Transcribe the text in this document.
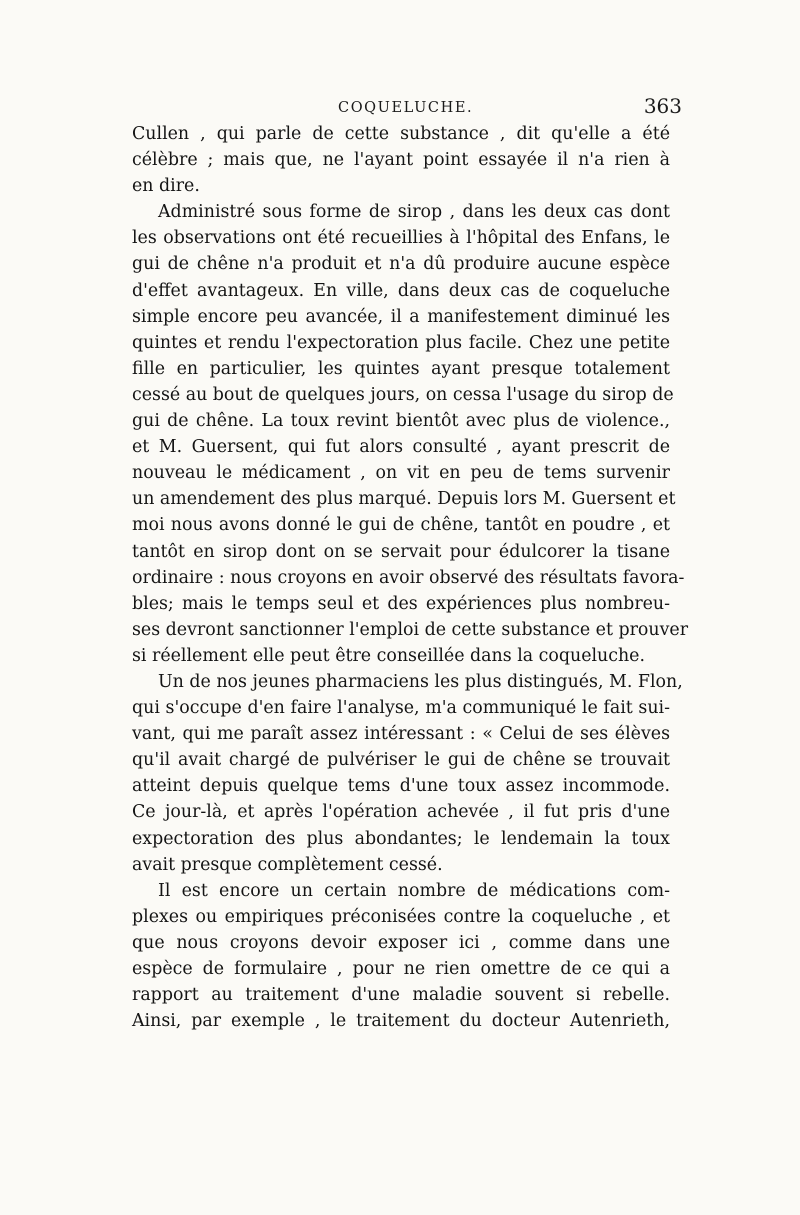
COQUELUCHE.	363
Cullen , qui parle de cette substance , dit qu'elle a été
célèbre ; mais que, ne l'ayant point essayée il n'a rien à
en dire.
Administré sous forme de sirop , dans les deux cas dont
les observations ont été recueillies à l'hôpital des Enfans, le
gui de chêne n'a produit et n'a dû produire aucune espèce
d'effet avantageux. En ville, dans deux cas de coqueluche
simple encore peu avancée, il a manifestement diminué les
quintes et rendu l'expectoration plus facile. Chez une petite
fille en particulier, les quintes ayant presque totalement
cessé au bout de quelques jours, on cessa l'usage du sirop de
gui de chêne. La toux revint bientôt avec plus de violence.,
et M. Guersent, qui fut alors consulté , ayant prescrit de
nouveau le médicament , on vit en peu de tems survenir
un amendement des plus marqué. Depuis lors M. Guersent et
moi nous avons donné le gui de chêne, tantôt en poudre , et
tantôt en sirop dont on se servait pour édulcorer la tisane
ordinaire : nous croyons en avoir observé des résultats favora-
bles; mais le temps seul et des expériences plus nombreu-
ses devront sanctionner l'emploi de cette substance et prouver
si réellement elle peut être conseillée dans la coqueluche.
Un de nos jeunes pharmaciens les plus distingués, M. Flon,
qui s'occupe d'en faire l'analyse, m'a communiqué le fait sui-
vant, qui me paraît assez intéressant : « Celui de ses élèves
qu'il avait chargé de pulvériser le gui de chêne se trouvait
atteint depuis quelque tems d'une toux assez incommode.
Ce jour-là, et après l'opération achevée , il fut pris d'une
expectoration des plus abondantes; le lendemain la toux
avait presque complètement cessé.
Il est encore un certain nombre de médications com-
plexes ou empiriques préconisées contre la coqueluche , et
que nous croyons devoir exposer ici , comme dans une
espèce de formulaire , pour ne rien omettre de ce qui a
rapport au traitement d'une maladie souvent si rebelle.
Ainsi, par exemple , le traitement du docteur Autenrieth,
